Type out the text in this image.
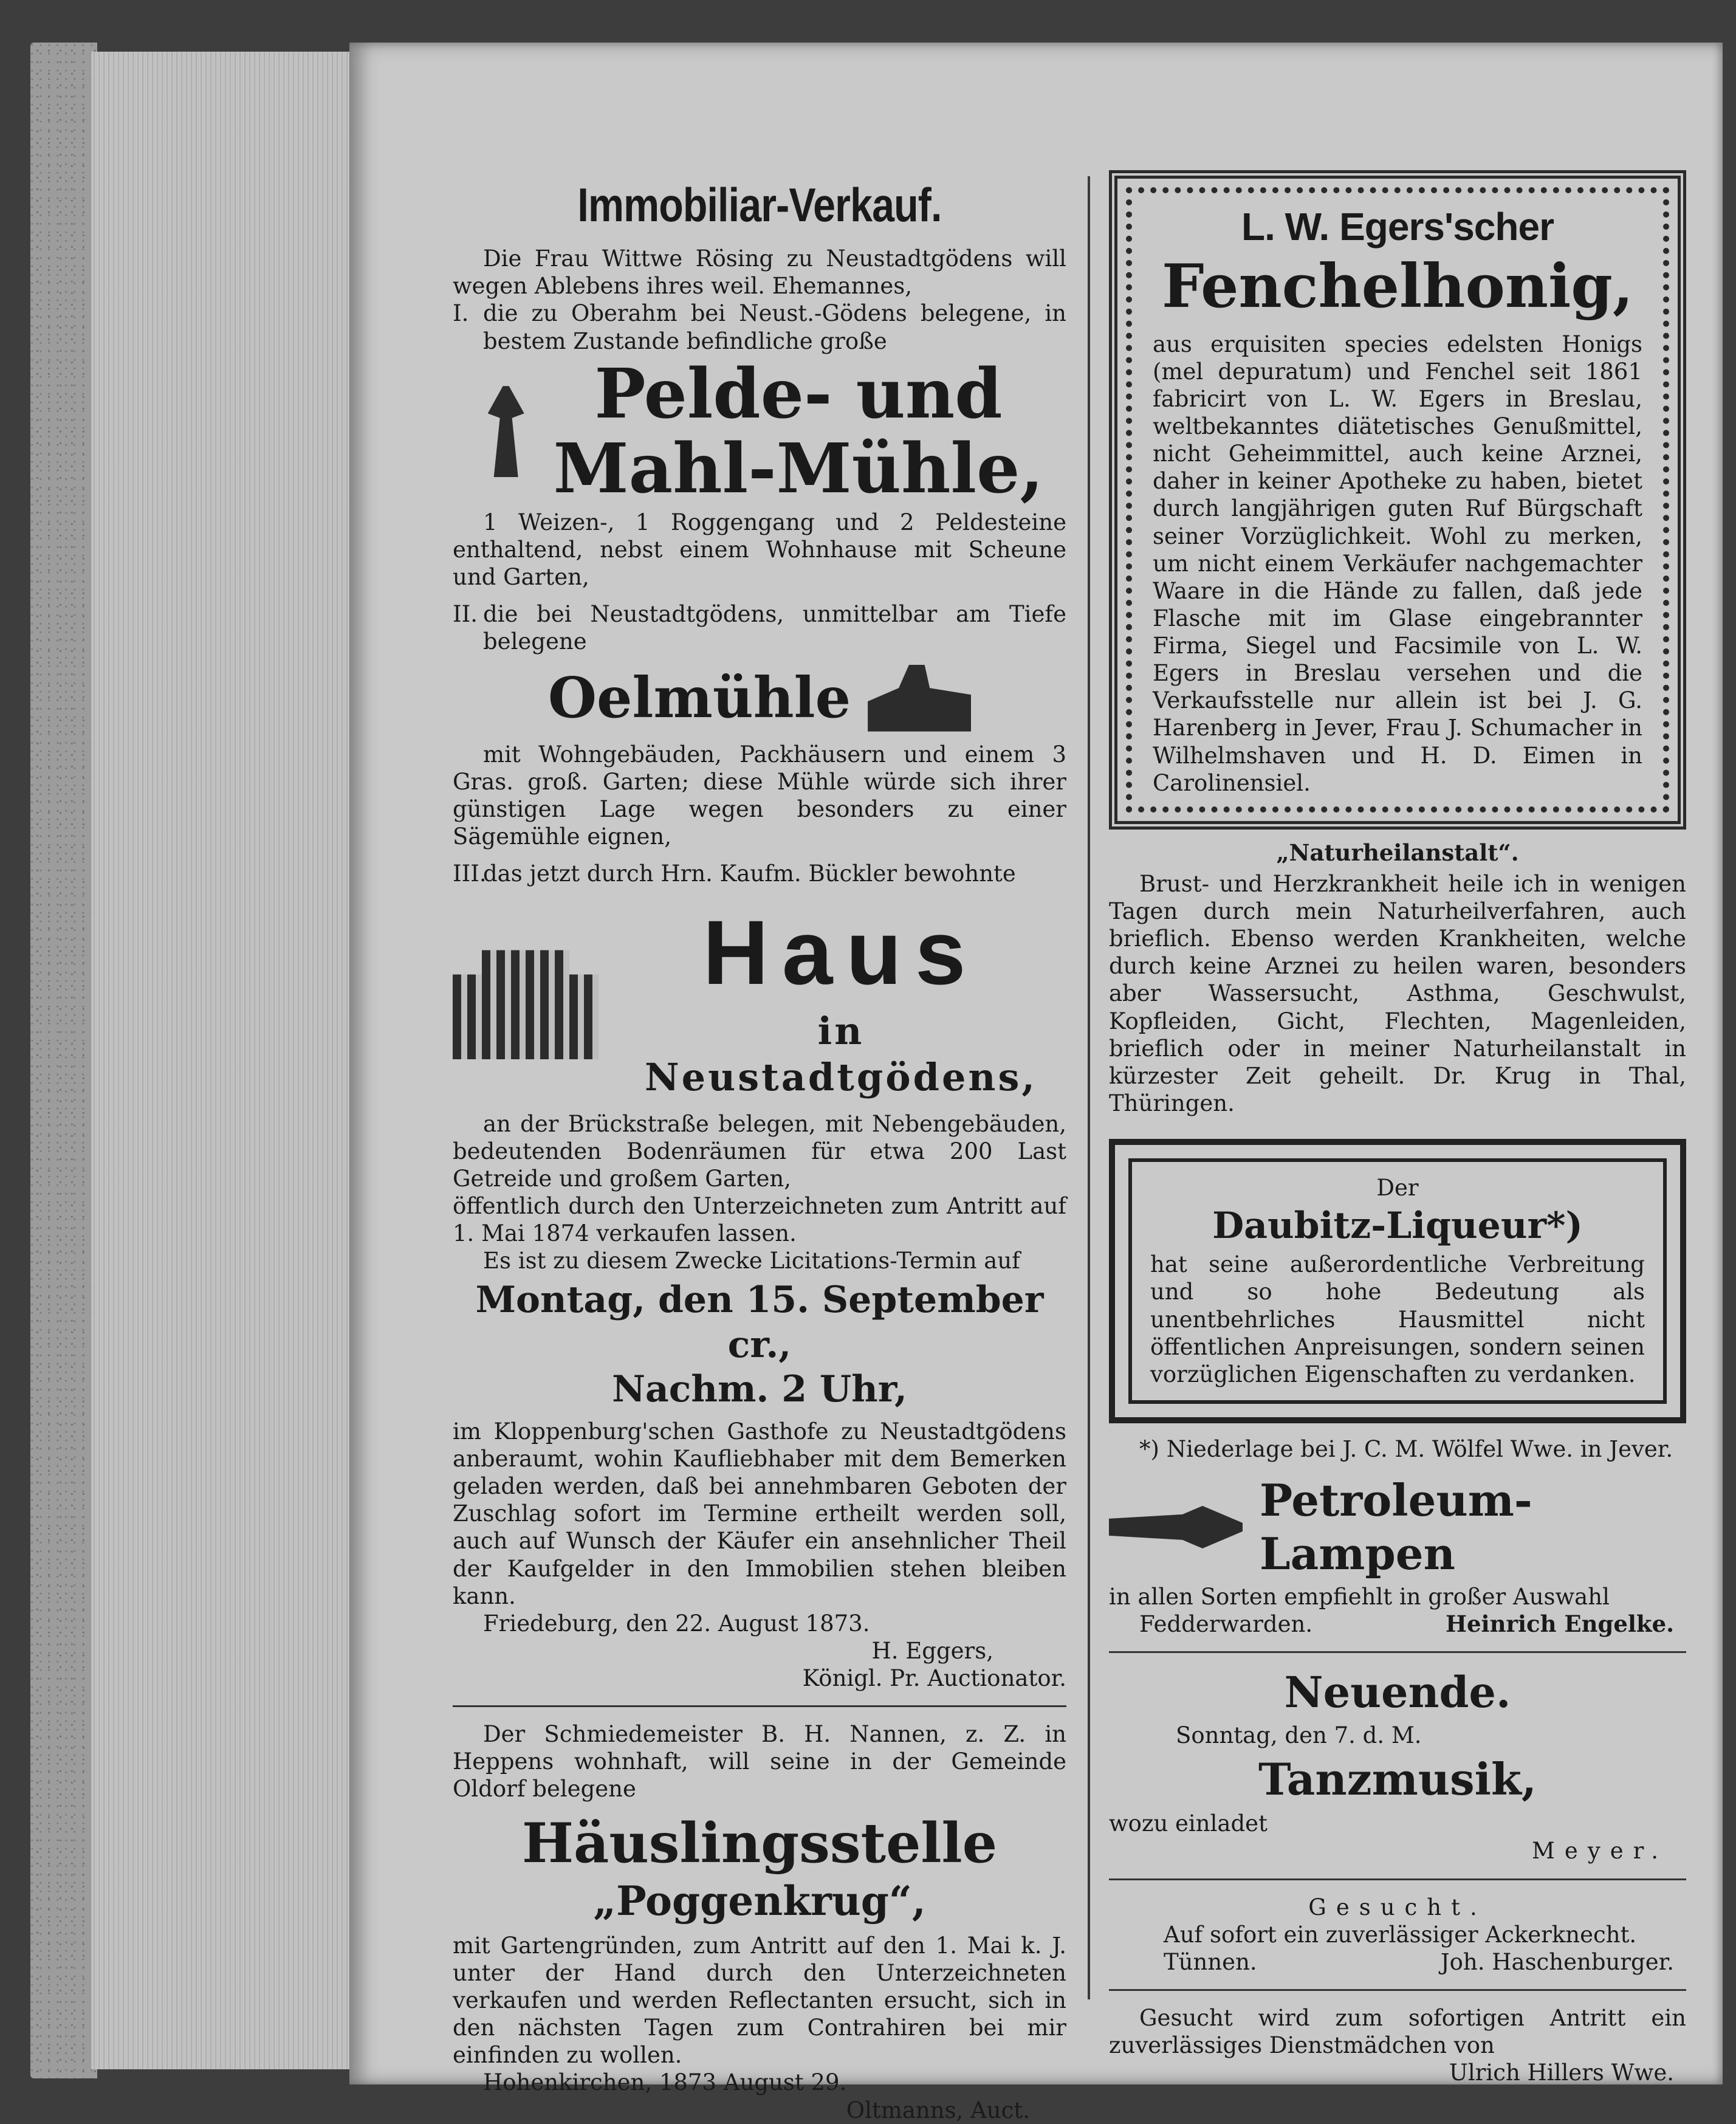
Immobiliar-Verkauf.

Die Frau Wittwe Rösing zu Neustadtgödens will wegen Ablebens ihres weil. Ehemannes,

I. die zu Oberahm bei Neust.-Gödens belegene, in bestem Zustande befindliche große
Pelde- und
Mahl-Mühle,

1 Weizen-, 1 Roggengang und 2 Peldesteine enthaltend, nebst einem Wohnhause mit Scheune und Garten,

II. die bei Neustadtgödens, unmittelbar am Tiefe belegene
Oelmühle

mit Wohngebäuden, Packhäusern und einem 3 Gras. groß. Garten; diese Mühle würde sich ihrer günstigen Lage wegen besonders zu einer Sägemühle eignen,

III.
das jetzt durch Hrn. Kaufm. Bückler bewohnte
Haus
in Neustadtgödens,

an der Brückstraße belegen, mit Nebengebäuden, bedeutenden Bodenräumen für etwa 200 Last Getreide und großem Garten,

öffentlich durch den Unterzeichneten zum Antritt auf 1. Mai 1874 verkaufen lassen.

Es ist zu diesem Zwecke Licitations-Termin auf

Montag, den 15. September cr.,
Nachm. 2 Uhr,

im Kloppenburg'schen Gasthofe zu Neustadtgödens anberaumt, wohin Kaufliebhaber mit dem Bemerken geladen werden, daß bei annehmbaren Geboten der Zuschlag sofort im Termine ertheilt werden soll, auch auf Wunsch der Käufer ein ansehnlicher Theil der Kaufgelder in den Immobilien stehen bleiben kann.

Friedeburg, den 22. August 1873.

H. Eggers,

Königl. Pr. Auctionator.

Der Schmiedemeister B. H. Nannen, z. Z. in Heppens wohnhaft, will seine in der Gemeinde Oldorf belegene

Häuslingsstelle
„Poggenkrug“,

mit Gartengründen, zum Antritt auf den 1. Mai k. J. unter der Hand durch den Unterzeichneten verkaufen und werden Reflectanten ersucht, sich in den nächsten Tagen zum Contrahiren bei mir einfinden zu wollen.

Hohenkirchen, 1873 August 29.

Oltmanns, Auct.

L. W. Egers'scher
Fenchelhonig,

aus erquisiten species edelsten Honigs (mel depuratum) und Fenchel seit 1861 fabricirt von L. W. Egers in Breslau, weltbekanntes diätetisches Genußmittel, nicht Geheimmittel, auch keine Arznei, daher in keiner Apotheke zu haben, bietet durch langjährigen guten Ruf Bürgschaft seiner Vorzüglichkeit. Wohl zu merken, um nicht einem Verkäufer nachgemachter Waare in die Hände zu fallen, daß jede Flasche mit im Glase eingebrannter Firma, Siegel und Facsimile von L. W. Egers in Breslau versehen und die Verkaufsstelle nur allein ist bei J. G. Harenberg in Jever, Frau J. Schumacher in Wilhelmshaven und H. D. Eimen in Carolinensiel.

„Naturheilanstalt“.

Brust- und Herzkrankheit heile ich in wenigen Tagen durch mein Naturheilverfahren, auch brieflich. Ebenso werden Krankheiten, welche durch keine Arznei zu heilen waren, besonders aber Wassersucht, Asthma, Geschwulst, Kopfleiden, Gicht, Flechten, Magenleiden, brieflich oder in meiner Naturheilanstalt in kürzester Zeit geheilt. Dr. Krug in Thal, Thüringen.

Der
Daubitz-Liqueur*)

hat seine außerordentliche Verbreitung und so hohe Bedeutung als unentbehrliches Hausmittel nicht öffentlichen Anpreisungen, sondern seinen vorzüglichen Eigenschaften zu verdanken.

*) Niederlage bei J. C. M. Wölfel Wwe. in Jever.

Petroleum-Lampen

in allen Sorten empfiehlt in großer Auswahl

Fedderwarden.	Heinrich Engelke.
Neuende.

Sonntag, den 7. d. M.

Tanzmusik,

wozu einladet

Meyer.

Gesucht.

Auf sofort ein zuverlässiger Ackerknecht.

Tünnen.	Joh. Haschenburger.

Gesucht wird zum sofortigen Antritt ein zuverlässiges Dienstmädchen von

Ulrich Hillers Wwe.
